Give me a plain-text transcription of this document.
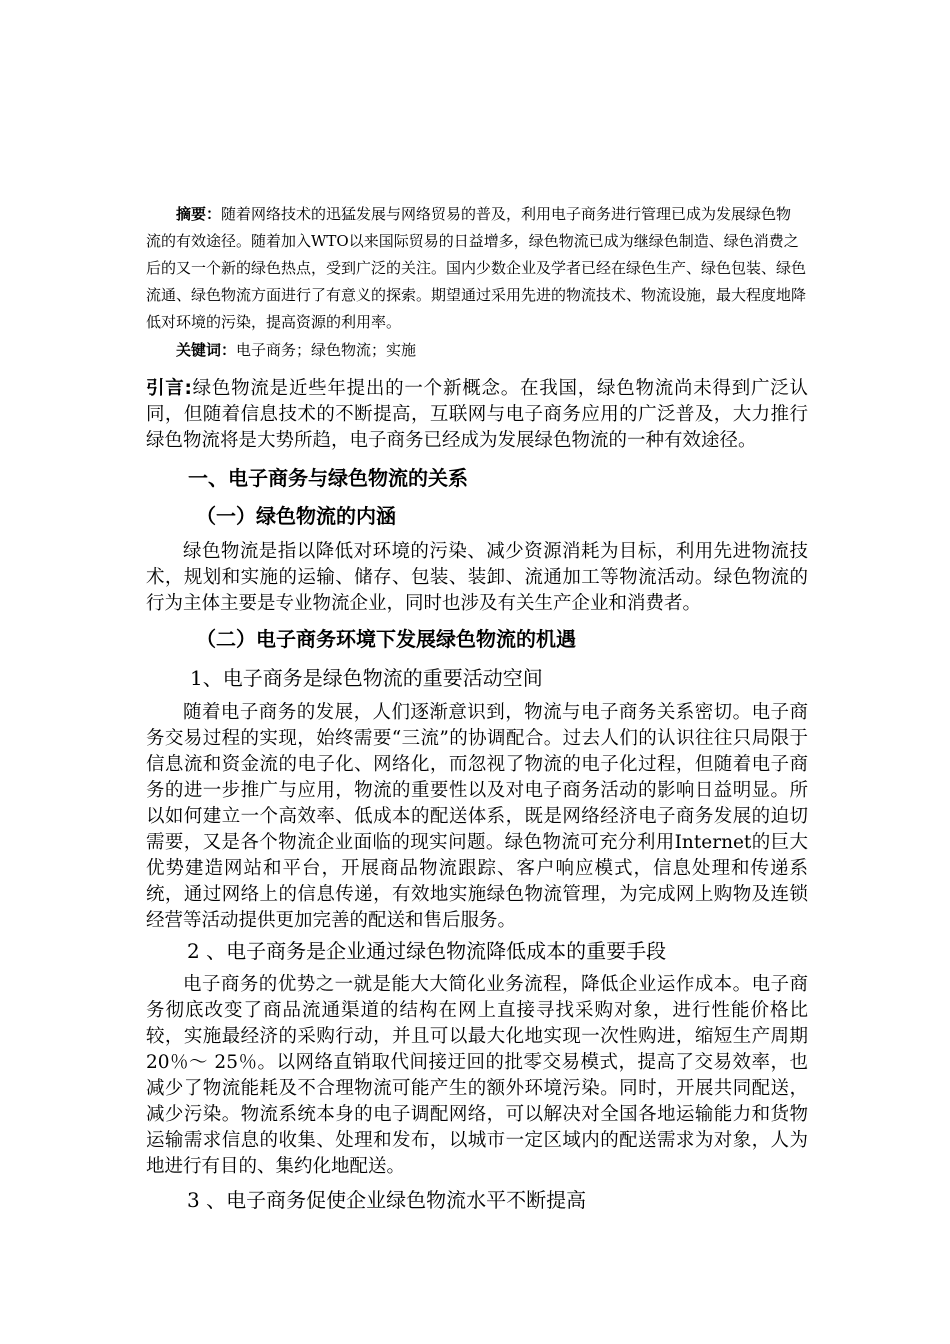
摘要：随着网络技术的迅猛发展与网络贸易的普及，利用电子商务进行管理已成为发展绿色物流的有效途径。随着加入WTO以来国际贸易的日益增多，绿色物流已成为继绿色制造、绿色消费之后的又一个新的绿色热点，受到广泛的关注。国内少数企业及学者已经在绿色生产、绿色包装、绿色流通、绿色物流方面进行了有意义的探索。期望通过采用先进的物流技术、物流设施，最大程度地降低对环境的污染，提高资源的利用率。
关键词：电子商务；绿色物流；实施
引言:绿色物流是近些年提出的一个新概念。在我国，绿色物流尚未得到广泛认同，但随着信息技术的不断提高，互联网与电子商务应用的广泛普及，大力推行绿色物流将是大势所趋，电子商务已经成为发展绿色物流的一种有效途径。
一、电子商务与绿色物流的关系
（一）绿色物流的内涵
绿色物流是指以降低对环境的污染、减少资源消耗为目标，利用先进物流技术，规划和实施的运输、储存、包装、装卸、流通加工等物流活动。绿色物流的行为主体主要是专业物流企业，同时也涉及有关生产企业和消费者。
（二）电子商务环境下发展绿色物流的机遇
1、电子商务是绿色物流的重要活动空间
随着电子商务的发展，人们逐渐意识到，物流与电子商务关系密切。电子商务交易过程的实现，始终需要“三流”的协调配合。过去人们的认识往往只局限于信息流和资金流的电子化、网络化，而忽视了物流的电子化过程，但随着电子商务的进一步推广与应用，物流的重要性以及对电子商务活动的影响日益明显。所以如何建立一个高效率、低成本的配送体系，既是网络经济电子商务发展的迫切需要，又是各个物流企业面临的现实问题。绿色物流可充分利用Internet的巨大优势建造网站和平台，开展商品物流跟踪、客户响应模式，信息处理和传递系统，通过网络上的信息传递，有效地实施绿色物流管理，为完成网上购物及连锁经营等活动提供更加完善的配送和售后服务。
2 、电子商务是企业通过绿色物流降低成本的重要手段
电子商务的优势之一就是能大大简化业务流程，降低企业运作成本。电子商务彻底改变了商品流通渠道的结构在网上直接寻找采购对象，进行性能价格比较，实施最经济的采购行动，并且可以最大化地实现一次性购进，缩短生产周期20％～ 25％。以网络直销取代间接迂回的批零交易模式，提高了交易效率，也减少了物流能耗及不合理物流可能产生的额外环境污染。同时，开展共同配送，减少污染。物流系统本身的电子调配网络，可以解决对全国各地运输能力和货物运输需求信息的收集、处理和发布，以城市一定区域内的配送需求为对象，人为地进行有目的、集约化地配送。
3 、电子商务促使企业绿色物流水平不断提高
